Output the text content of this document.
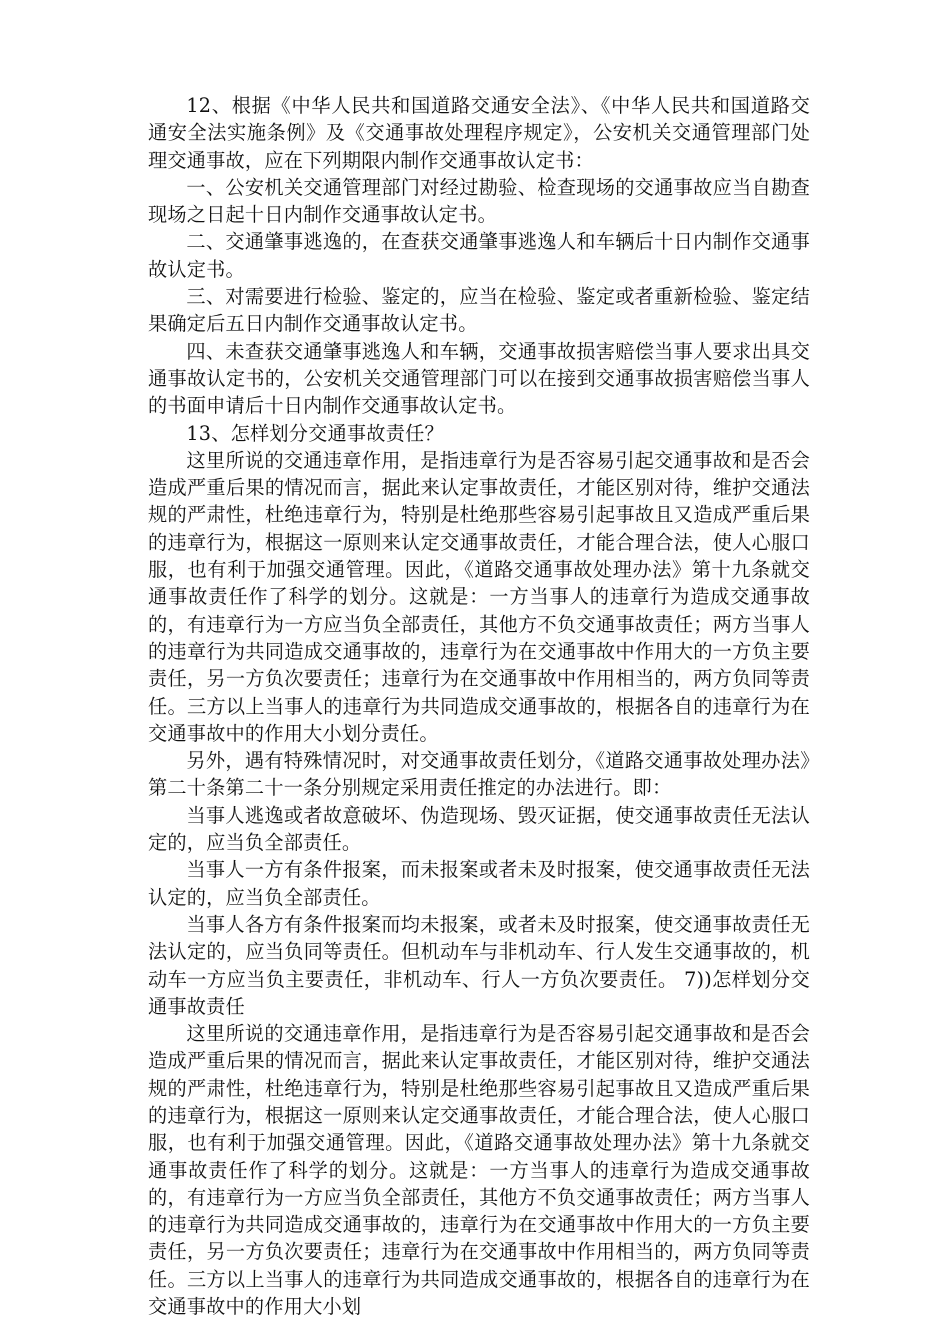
12、根据《中华人民共和国道路交通安全法》、《中华人民共和国道路交通安全法实施条例》及《交通事故处理程序规定》，公安机关交通管理部门处理交通事故，应在下列期限内制作交通事故认定书：

一、公安机关交通管理部门对经过勘验、检查现场的交通事故应当自勘查现场之日起十日内制作交通事故认定书。

二、交通肇事逃逸的，在查获交通肇事逃逸人和车辆后十日内制作交通事故认定书。

三、对需要进行检验、鉴定的，应当在检验、鉴定或者重新检验、鉴定结果确定后五日内制作交通事故认定书。

四、未查获交通肇事逃逸人和车辆，交通事故损害赔偿当事人要求出具交通事故认定书的，公安机关交通管理部门可以在接到交通事故损害赔偿当事人的书面申请后十日内制作交通事故认定书。

13、怎样划分交通事故责任？

这里所说的交通违章作用，是指违章行为是否容易引起交通事故和是否会造成严重后果的情况而言，据此来认定事故责任，才能区别对待，维护交通法规的严肃性，杜绝违章行为，特别是杜绝那些容易引起事故且又造成严重后果的违章行为，根据这一原则来认定交通事故责任，才能合理合法，使人心服口服，也有利于加强交通管理。因此，《道路交通事故处理办法》第十九条就交通事故责任作了科学的划分。这就是：一方当事人的违章行为造成交通事故的，有违章行为一方应当负全部责任，其他方不负交通事故责任；两方当事人的违章行为共同造成交通事故的，违章行为在交通事故中作用大的一方负主要责任，另一方负次要责任；违章行为在交通事故中作用相当的，两方负同等责任。三方以上当事人的违章行为共同造成交通事故的，根据各自的违章行为在交通事故中的作用大小划分责任。

另外，遇有特殊情况时，对交通事故责任划分，《道路交通事故处理办法》第二十条第二十一条分别规定采用责任推定的办法进行。即：

当事人逃逸或者故意破坏、伪造现场、毁灭证据，使交通事故责任无法认定的，应当负全部责任。

当事人一方有条件报案，而未报案或者未及时报案，使交通事故责任无法认定的，应当负全部责任。

当事人各方有条件报案而均未报案，或者未及时报案，使交通事故责任无法认定的，应当负同等责任。但机动车与非机动车、行人发生交通事故的，机动车一方应当负主要责任，非机动车、行人一方负次要责任。 7))怎样划分交通事故责任

这里所说的交通违章作用，是指违章行为是否容易引起交通事故和是否会造成严重后果的情况而言，据此来认定事故责任，才能区别对待，维护交通法规的严肃性，杜绝违章行为，特别是杜绝那些容易引起事故且又造成严重后果的违章行为，根据这一原则来认定交通事故责任，才能合理合法，使人心服口服，也有利于加强交通管理。因此，《道路交通事故处理办法》第十九条就交通事故责任作了科学的划分。这就是：一方当事人的违章行为造成交通事故的，有违章行为一方应当负全部责任，其他方不负交通事故责任；两方当事人的违章行为共同造成交通事故的，违章行为在交通事故中作用大的一方负主要责任，另一方负次要责任；违章行为在交通事故中作用相当的，两方负同等责任。三方以上当事人的违章行为共同造成交通事故的，根据各自的违章行为在交通事故中的作用大小划
